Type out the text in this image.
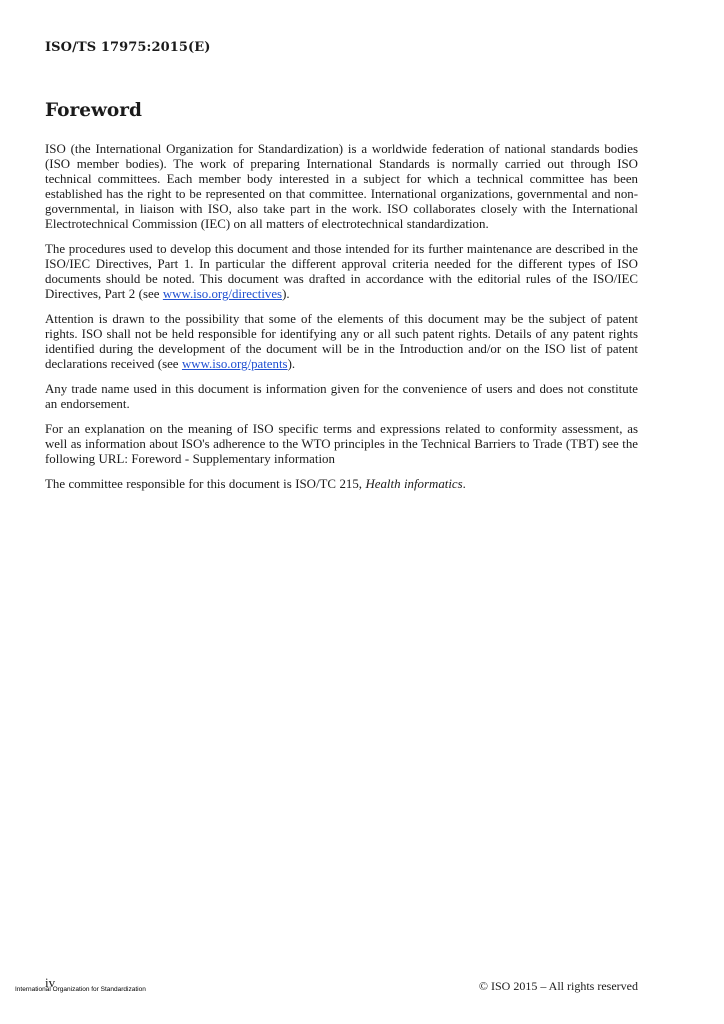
ISO/TS 17975:2015(E)
Foreword

ISO (the International Organization for Standardization) is a worldwide federation of national standards bodies (ISO member bodies). The work of preparing International Standards is normally carried out through ISO technical committees. Each member body interested in a subject for which a technical committee has been established has the right to be represented on that committee. International organizations, governmental and non-governmental, in liaison with ISO, also take part in the work. ISO collaborates closely with the International Electrotechnical Commission (IEC) on all matters of electrotechnical standardization.

The procedures used to develop this document and those intended for its further maintenance are described in the ISO/IEC Directives, Part 1. In particular the different approval criteria needed for the different types of ISO documents should be noted. This document was drafted in accordance with the editorial rules of the ISO/IEC Directives, Part 2 (see www.iso.org/directives).

Attention is drawn to the possibility that some of the elements of this document may be the subject of patent rights. ISO shall not be held responsible for identifying any or all such patent rights. Details of any patent rights identified during the development of the document will be in the Introduction and/or on the ISO list of patent declarations received (see www.iso.org/patents).

Any trade name used in this document is information given for the convenience of users and does not constitute an endorsement.

For an explanation on the meaning of ISO specific terms and expressions related to conformity assessment, as well as information about ISO's adherence to the WTO principles in the Technical Barriers to Trade (TBT) see the following URL: Foreword - Supplementary information

The committee responsible for this document is ISO/TC 215, Health informatics.

iv
International Organization for Standardization	© ISO 2015 – All rights reserved
